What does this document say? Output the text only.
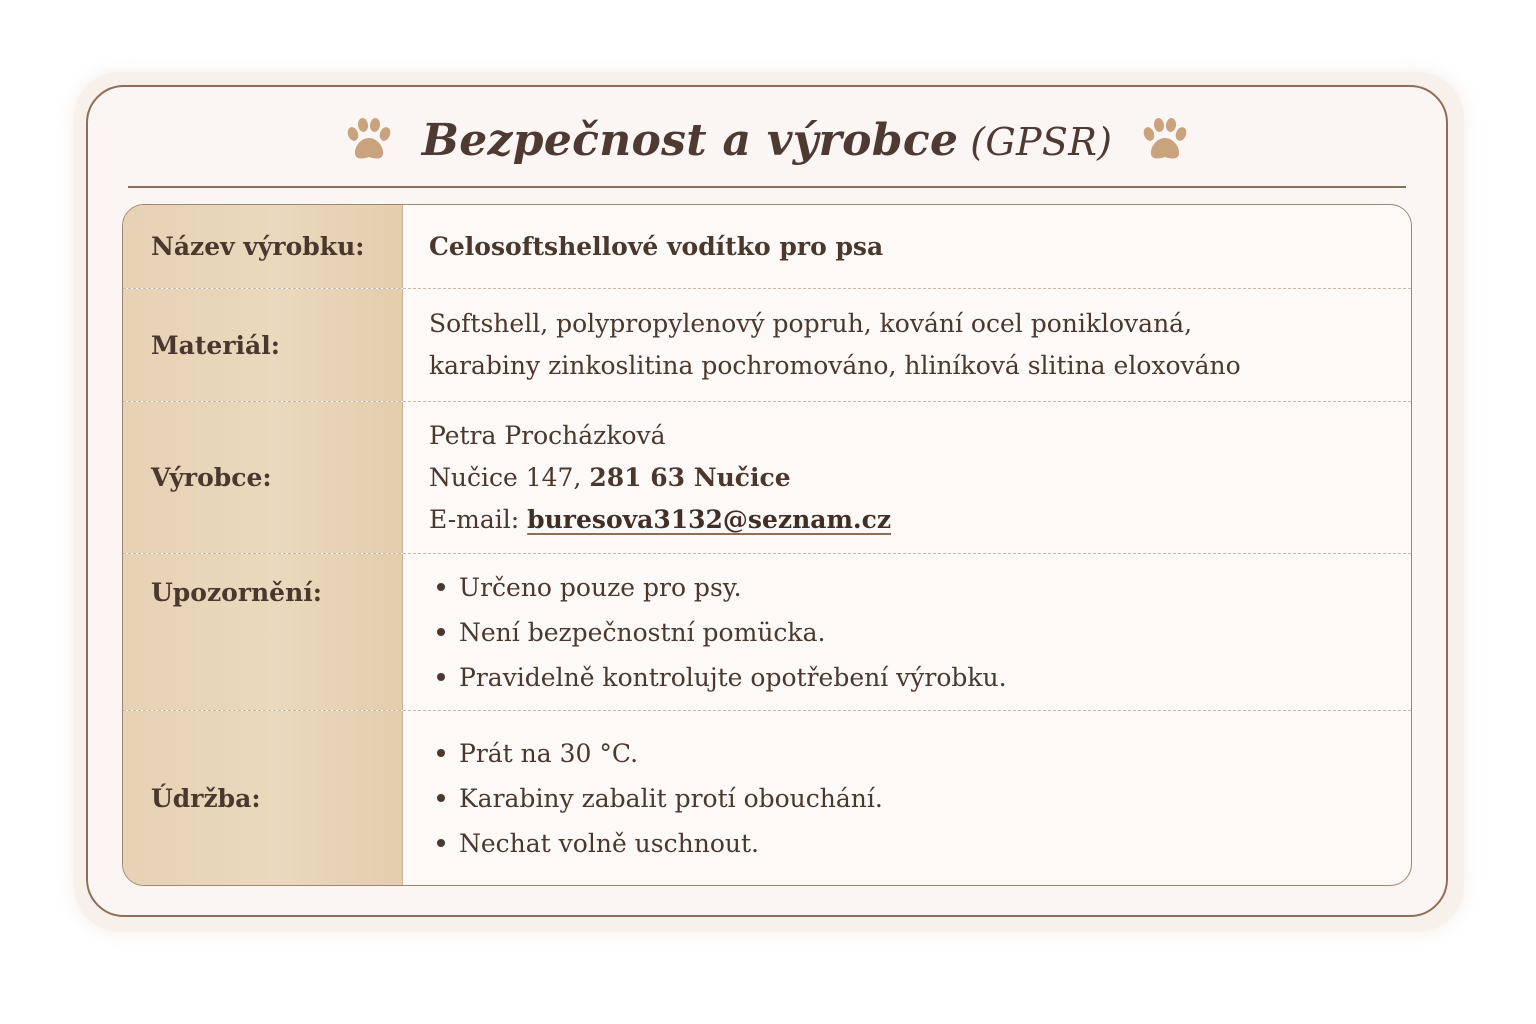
Bezpečnost a výrobce (GPSR)
Název výrobku:	Celosoftshellové vodítko pro psa
Materiál:
Softshell, polypropylenový popruh, kování ocel poniklovaná,
karabiny zinkoslitina pochromováno, hliníková slitina eloxováno
Výrobce:
Petra Procházková
Nučice 147, 281 63 Nučice
E-mail: buresova3132@seznam.cz
Upozornění:	Určeno pouze pro psy.
Není bezpečnostní pomücka.
Pravidelně kontrolujte opotřebení výrobku.
Údržba:
Prát na 30 °C.
Karabiny zabalit protí obouchání.
Nechat volně uschnout.
